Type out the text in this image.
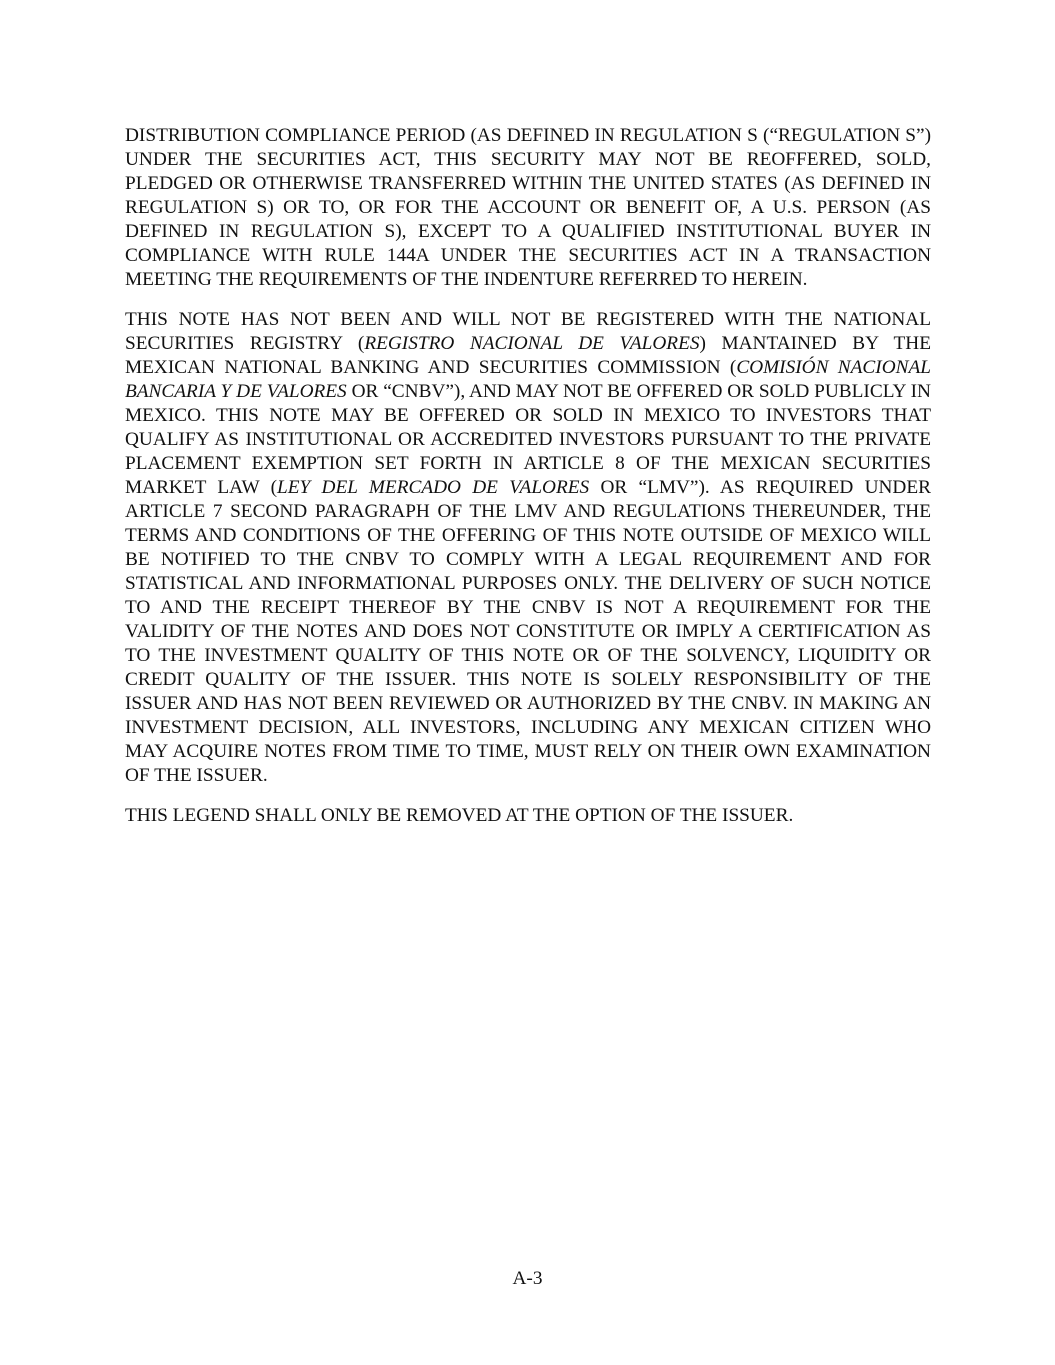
DISTRIBUTION COMPLIANCE PERIOD (AS DEFINED IN REGULATION S (“REGULATION S”) UNDER THE SECURITIES ACT, THIS SECURITY MAY NOT BE REOFFERED, SOLD, PLEDGED OR OTHERWISE TRANSFERRED WITHIN THE UNITED STATES (AS DEFINED IN REGULATION S) OR TO, OR FOR THE ACCOUNT OR BENEFIT OF, A U.S. PERSON (AS DEFINED IN REGULATION S), EXCEPT TO A QUALIFIED INSTITUTIONAL BUYER IN COMPLIANCE WITH RULE 144A UNDER THE SECURITIES ACT IN A TRANSACTION MEETING THE REQUIREMENTS OF THE INDENTURE REFERRED TO HEREIN.

THIS NOTE HAS NOT BEEN AND WILL NOT BE REGISTERED WITH THE NATIONAL SECURITIES REGISTRY (REGISTRO NACIONAL DE VALORES) MANTAINED BY THE MEXICAN NATIONAL BANKING AND SECURITIES COMMISSION (COMISIÓN NACIONAL BANCARIA Y DE VALORES OR “CNBV”), AND MAY NOT BE OFFERED OR SOLD PUBLICLY IN MEXICO. THIS NOTE MAY BE OFFERED OR SOLD IN MEXICO TO INVESTORS THAT QUALIFY AS INSTITUTIONAL OR ACCREDITED INVESTORS PURSUANT TO THE PRIVATE PLACEMENT EXEMPTION SET FORTH IN ARTICLE 8 OF THE MEXICAN SECURITIES MARKET LAW (LEY DEL MERCADO DE VALORES OR “LMV”). AS REQUIRED UNDER ARTICLE 7 SECOND PARAGRAPH OF THE LMV AND REGULATIONS THEREUNDER, THE TERMS AND CONDITIONS OF THE OFFERING OF THIS NOTE OUTSIDE OF MEXICO WILL BE NOTIFIED TO THE CNBV TO COMPLY WITH A LEGAL REQUIREMENT AND FOR STATISTICAL AND INFORMATIONAL PURPOSES ONLY. THE DELIVERY OF SUCH NOTICE TO AND THE RECEIPT THEREOF BY THE CNBV IS NOT A REQUIREMENT FOR THE VALIDITY OF THE NOTES AND DOES NOT CONSTITUTE OR IMPLY A CERTIFICATION AS TO THE INVESTMENT QUALITY OF THIS NOTE OR OF THE SOLVENCY, LIQUIDITY OR CREDIT QUALITY OF THE ISSUER. THIS NOTE IS SOLELY RESPONSIBILITY OF THE ISSUER AND HAS NOT BEEN REVIEWED OR AUTHORIZED BY THE CNBV. IN MAKING AN INVESTMENT DECISION, ALL INVESTORS, INCLUDING ANY MEXICAN CITIZEN WHO MAY ACQUIRE NOTES FROM TIME TO TIME, MUST RELY ON THEIR OWN EXAMINATION OF THE ISSUER.

THIS LEGEND SHALL ONLY BE REMOVED AT THE OPTION OF THE ISSUER.

A-3
